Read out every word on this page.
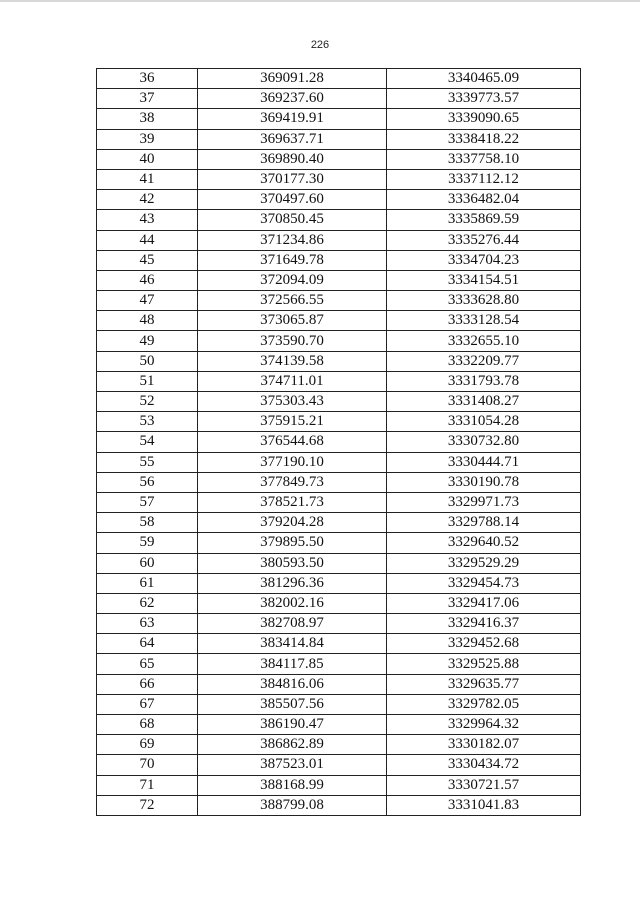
226
36	369091.28	3340465.09
37	369237.60	3339773.57
38	369419.91	3339090.65
39	369637.71	3338418.22
40	369890.40	3337758.10
41	370177.30	3337112.12
42	370497.60	3336482.04
43	370850.45	3335869.59
44	371234.86	3335276.44
45	371649.78	3334704.23
46	372094.09	3334154.51
47	372566.55	3333628.80
48	373065.87	3333128.54
49	373590.70	3332655.10
50	374139.58	3332209.77
51	374711.01	3331793.78
52	375303.43	3331408.27
53	375915.21	3331054.28
54	376544.68	3330732.80
55	377190.10	3330444.71
56	377849.73	3330190.78
57	378521.73	3329971.73
58	379204.28	3329788.14
59	379895.50	3329640.52
60	380593.50	3329529.29
61	381296.36	3329454.73
62	382002.16	3329417.06
63	382708.97	3329416.37
64	383414.84	3329452.68
65	384117.85	3329525.88
66	384816.06	3329635.77
67	385507.56	3329782.05
68	386190.47	3329964.32
69	386862.89	3330182.07
70	387523.01	3330434.72
71	388168.99	3330721.57
72	388799.08	3331041.83
